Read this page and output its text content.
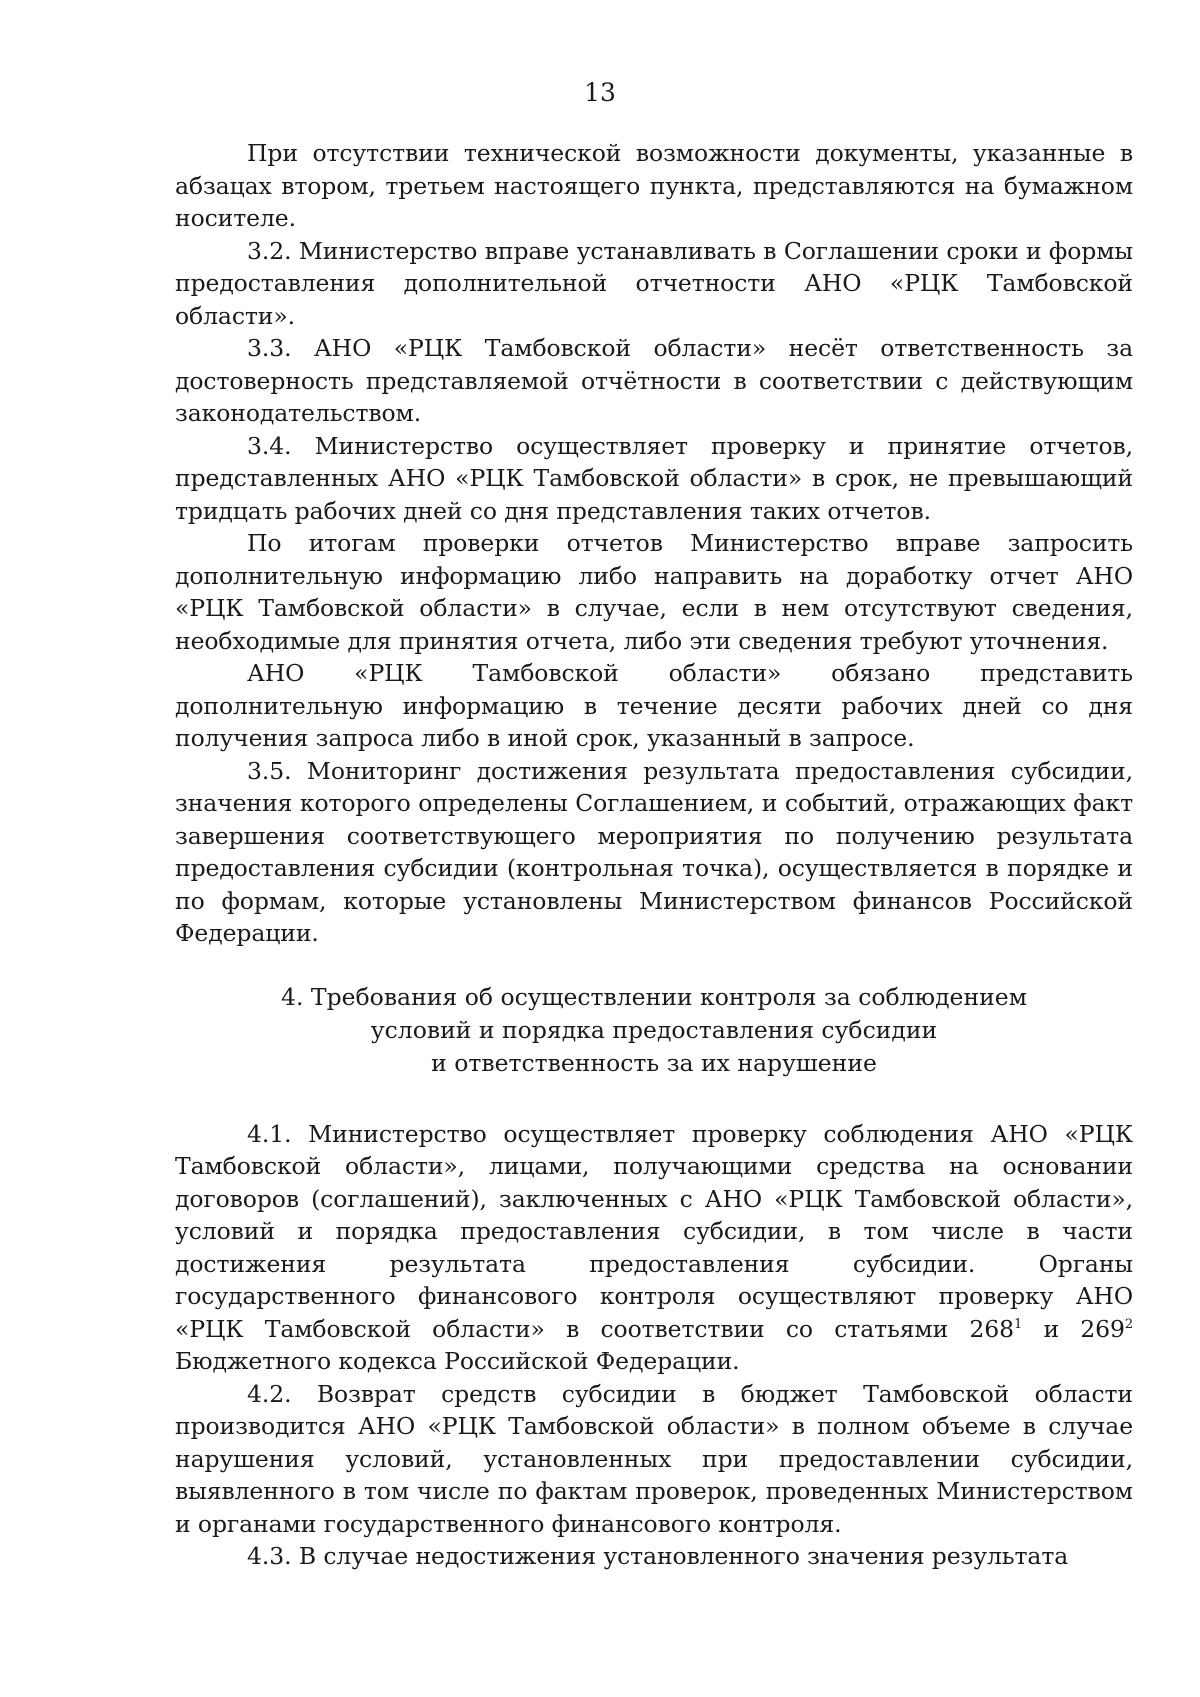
13

При отсутствии технической возможности документы, указанные в абзацах втором, третьем настоящего пункта, представляются на бумажном носителе.

3.2. Министерство вправе устанавливать в Соглашении сроки и формы предоставления дополнительной отчетности АНО «РЦК Тамбовской области».

3.3. АНО «РЦК Тамбовской области» несёт ответственность за достоверность представляемой отчётности в соответствии с действующим законодательством.

3.4. Министерство осуществляет проверку и принятие отчетов, представленных АНО «РЦК Тамбовской области» в срок, не превышающий тридцать рабочих дней со дня представления таких отчетов.

По итогам проверки отчетов Министерство вправе запросить дополнительную информацию либо направить на доработку отчет АНО «РЦК Тамбовской области» в случае, если в нем отсутствуют сведения, необходимые для принятия отчета, либо эти сведения требуют уточнения.

АНО «РЦК Тамбовской области» обязано представить дополнительную информацию в течение десяти рабочих дней со дня получения запроса либо в иной срок, указанный в запросе.

3.5. Мониторинг достижения результата предоставления субсидии, значения которого определены Соглашением, и событий, отражающих факт завершения соответствующего мероприятия по получению результата предоставления субсидии (контрольная точка), осуществляется в порядке и по формам, которые установлены Министерством финансов Российской Федерации.

4. Требования об осуществлении контроля за соблюдением
условий и порядка предоставления субсидии
и ответственность за их нарушение

4.1. Министерство осуществляет проверку соблюдения АНО «РЦК Тамбовской области», лицами, получающими средства на основании договоров (соглашений), заключенных с АНО «РЦК Тамбовской области», условий и порядка предоставления субсидии, в том числе в части достижения результата предоставления субсидии. Органы государственного финансового контроля осуществляют проверку АНО «РЦК Тамбовской области» в соответствии со статьями 268$^1$ и 269$^2$ Бюджетного кодекса Российской Федерации.

4.2. Возврат средств субсидии в бюджет Тамбовской области производится АНО «РЦК Тамбовской области» в полном объеме в случае нарушения условий, установленных при предоставлении субсидии, выявленного в том числе по фактам проверок, проведенных Министерством и органами государственного финансового контроля.

4.3. В случае недостижения установленного значения результата
